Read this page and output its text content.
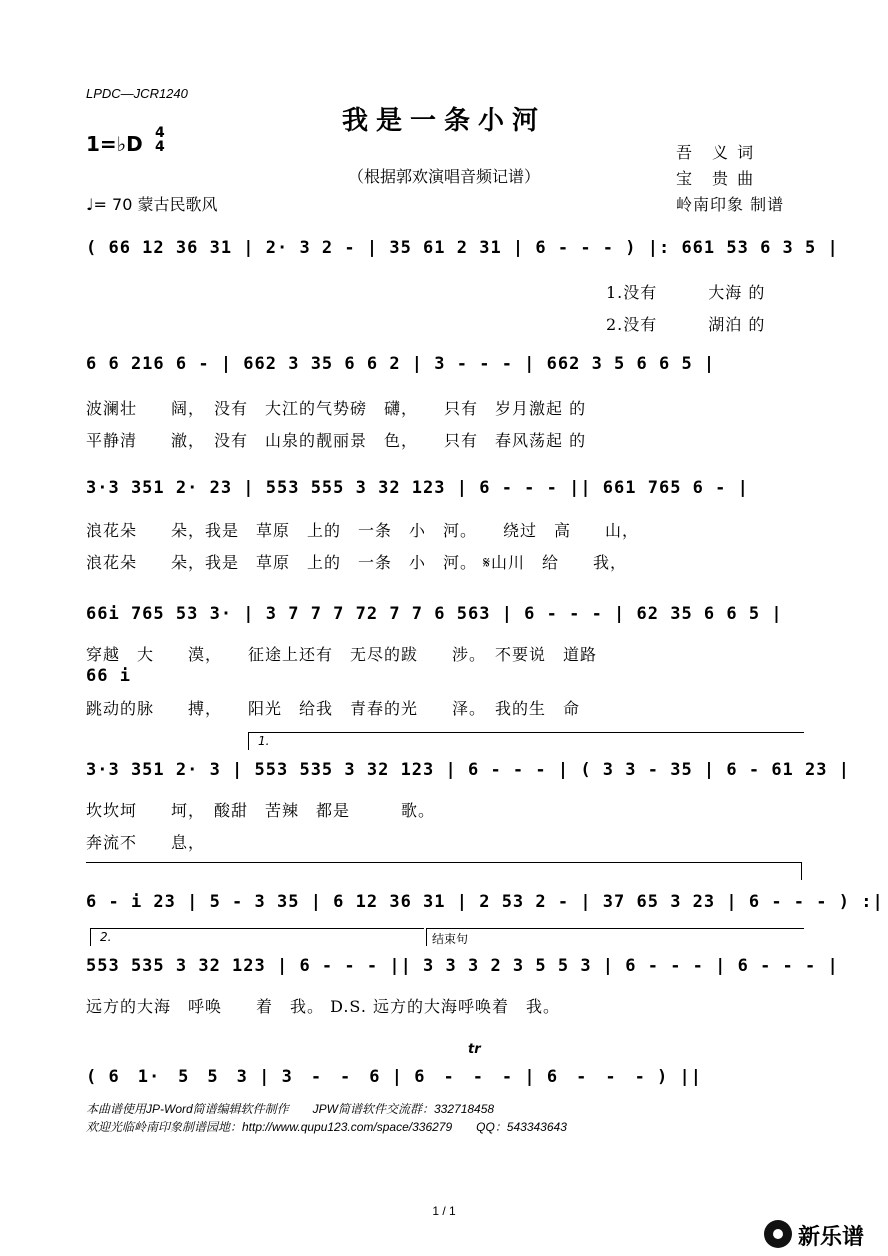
LPDC—JCR1240
我是一条小河
1=♭D 4
4
（根据郭欢演唱音频记谱）
吾　义 词
宝　贵 曲
岭南印象 制谱
♩= 70 蒙古民歌风
( 66 12 36 31 | 2· 3 2 - | 35 61 2 31 | 6 - - - ) |: 661 53 6 3 5 |
1.没有　　　大海 的
2.没有　　　湖泊 的
6 6 216 6 - | 662 3 35 6 6 2 | 3 - - - | 662 3 5 6 6 5 |
波澜壮　　阔，　没有　大江的气势磅　礴，　　只有　岁月激起 的
平静清　　澈，　没有　山泉的靓丽景　色，　　只有　春风荡起 的
3·3 351 2· 23 | 553 555 3 32 123 | 6 - - - || 661 765 6 - |
浪花朵　　朵，我是　草原　上的　一条　小　河。　　绕过　高　　山，
浪花朵　　朵，我是　草原　上的　一条　小　河。 𝄋山川　给　　我，
66i 765 53 3· | 3 7 7 7 72 7 7 6 563 | 6 - - - | 62 35 6 6 5 |
穿越　大　　漠，　　征途上还有　无尽的跋　　涉。　不要说　道路
66 i
跳动的脉　　搏，　　阳光　给我　青春的光　　泽。　我的生　命
1.
3·3 351 2· 3 | 553 535 3 32 123 | 6 - - - | ( 3 3 - 35 | 6 - 61 23 |
坎坎坷　　坷，　酸甜　苦辣　都是　　　歌。
奔流不　　息，
6 - i 23 | 5 - 3 35 | 6 12 36 31 | 2 53 2 - | 37 65 3 23 | 6 - - - ) :|
2.	结束句
553 535 3 32 123 | 6 - - - || 3 3 3 2 3 5 5 3 | 6 - - - | 6 - - - |
远方的大海　呼唤　　着　我。 D.S. 远方的大海呼唤着　我。
tr
( 6　1·　5　5　3 | 3　-　-　6 | 6　-　-　- | 6　-　-　- ) ||
本曲谱使用JP-Word简谱编辑软件制作　　JPW简谱软件交流群：332718458
欢迎光临岭南印象制谱园地：http://www.qupu123.com/space/336279　　QQ：543343643
1 / 1
新乐谱
